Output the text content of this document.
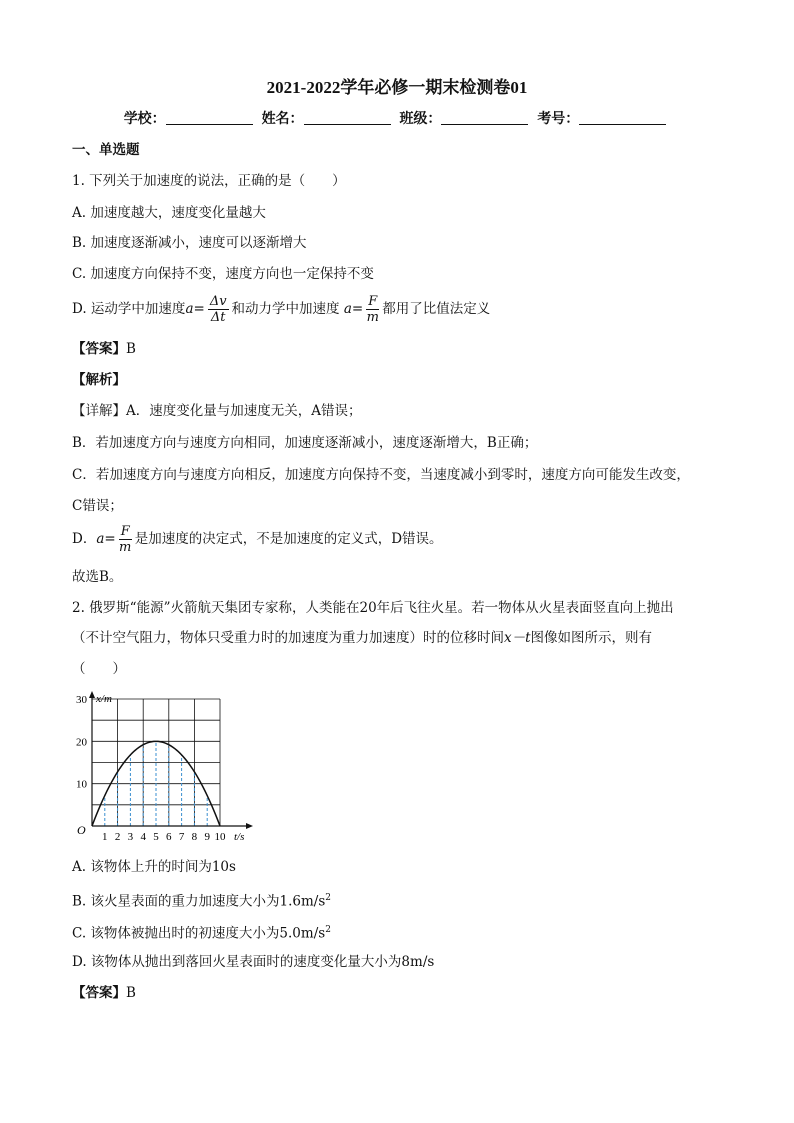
2021-2022学年必修一期末检测卷01
学校：	姓名：	班级：	考号：
一、单选题
1. 下列关于加速度的说法，正确的是（　　）
A. 加速度越大，速度变化量越大
B. 加速度逐渐减小，速度可以逐渐增大
C. 加速度方向保持不变，速度方向也一定保持不变
D. 运动学中加速度$a= \frac{\Delta v}{\Delta t}$ 和动力学中加速度 $a= \frac{F}{m}$ 都用了比值法定义
【答案】B
【解析】
【详解】A．速度变化量与加速度无关，A错误；
B．若加速度方向与速度方向相同，加速度逐渐减小，速度逐渐增大，B正确；
C．若加速度方向与速度方向相反，加速度方向保持不变，当速度减小到零时，速度方向可能发生改变，
C错误；
D．$a= \frac{F}{m}$ 是加速度的决定式，不是加速度的定义式，D错误。
故选B。
2. 俄罗斯“能源”火箭航天集团专家称，人类能在20年后飞往火星。若一物体从火星表面竖直向上抛出
（不计空气阻力，物体只受重力时的加速度为重力加速度）时的位移时间x－t图像如图所示，则有
（　　）
x/m
t/s
O 1 2 3 4 5 6 7 8 9 10
10
20
30
A. 该物体上升的时间为10s
B. 该火星表面的重力加速度大小为$1.6m/s^2$
C. 该物体被抛出时的初速度大小为$5.0m/s^2$
D. 该物体从抛出到落回火星表面时的速度变化量大小为8m/s
【答案】B
